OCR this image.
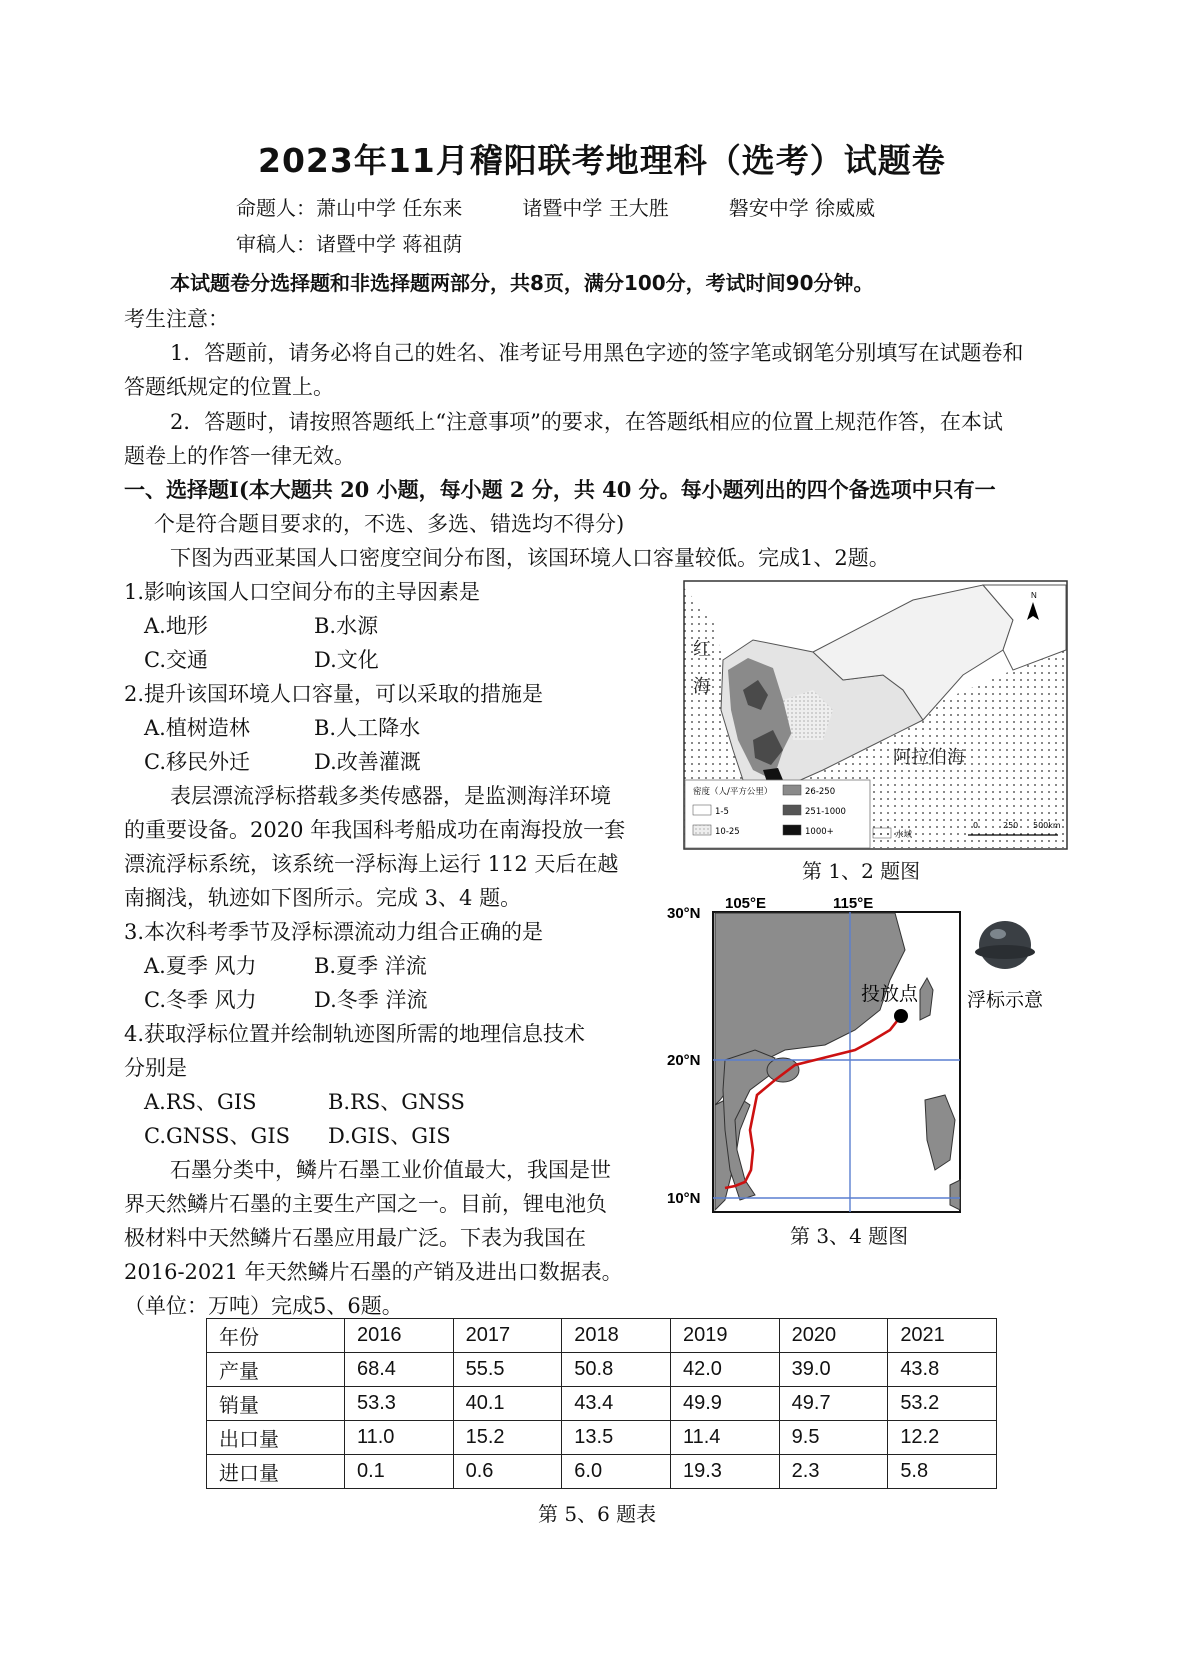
2023年11月稽阳联考地理科（选考）试题卷
命题人：萧山中学 任东来　　　诸暨中学 王大胜　　　磐安中学 徐威威
审稿人：诸暨中学 蒋祖荫
本试题卷分选择题和非选择题两部分，共8页，满分100分，考试时间90分钟。
考生注意：
1．答题前，请务必将自己的姓名、准考证号用黑色字迹的签字笔或钢笔分别填写在试题卷和
答题纸规定的位置上。
2．答题时，请按照答题纸上“注意事项”的要求，在答题纸相应的位置上规范作答，在本试
题卷上的作答一律无效。
一、选择题Ⅰ(本大题共 20 小题，每小题 2 分，共 40 分。每小题列出的四个备选项中只有一
个是符合题目要求的，不选、多选、错选均不得分)
下图为西亚某国人口密度空间分布图，该国环境人口容量较低。完成1、2题。
1.影响该国人口空间分布的主导因素是
A.地形	B.水源
C.交通	D.文化
2.提升该国环境人口容量，可以采取的措施是
A.植树造林	B.人工降水
C.移民外迁	D.改善灌溉
表层漂流浮标搭载多类传感器，是监测海洋环境
的重要设备。2020 年我国科考船成功在南海投放一套
漂流浮标系统，该系统一浮标海上运行 112 天后在越
南搁浅，轨迹如下图所示。完成 3、4 题。
3.本次科考季节及浮标漂流动力组合正确的是
A.夏季 风力	B.夏季 洋流
C.冬季 风力	D.冬季 洋流
4.获取浮标位置并绘制轨迹图所需的地理信息技术
分别是
A.RS、GIS	B.RS、GNSS
C.GNSS、GIS D.GIS、GIS
石墨分类中，鳞片石墨工业价值最大，我国是世
界天然鳞片石墨的主要生产国之一。目前，锂电池负
极材料中天然鳞片石墨应用最广泛。下表为我国在
2016-2021 年天然鳞片石墨的产销及进出口数据表。
（单位：万吨）完成5、6题。
N
红
海
阿拉伯海
密度（人/平方公里）	26-250
1-5	251-1000
10-25	1000+	水域
0	250 500km
第 1、2 题图
投放点
105°E	115°E
30°N
20°N
10°N
浮标示意
第 3、4 题图
年份	2016	2017	2018	2019	2020	2021
产量	68.4	55.5	50.8	42.0	39.0	43.8
销量	53.3	40.1	43.4	49.9	49.7	53.2
出口量	11.0	15.2	13.5	11.4	9.5	12.2
进口量	0.1	0.6	6.0	19.3	2.3	5.8
第 5、6 题表
